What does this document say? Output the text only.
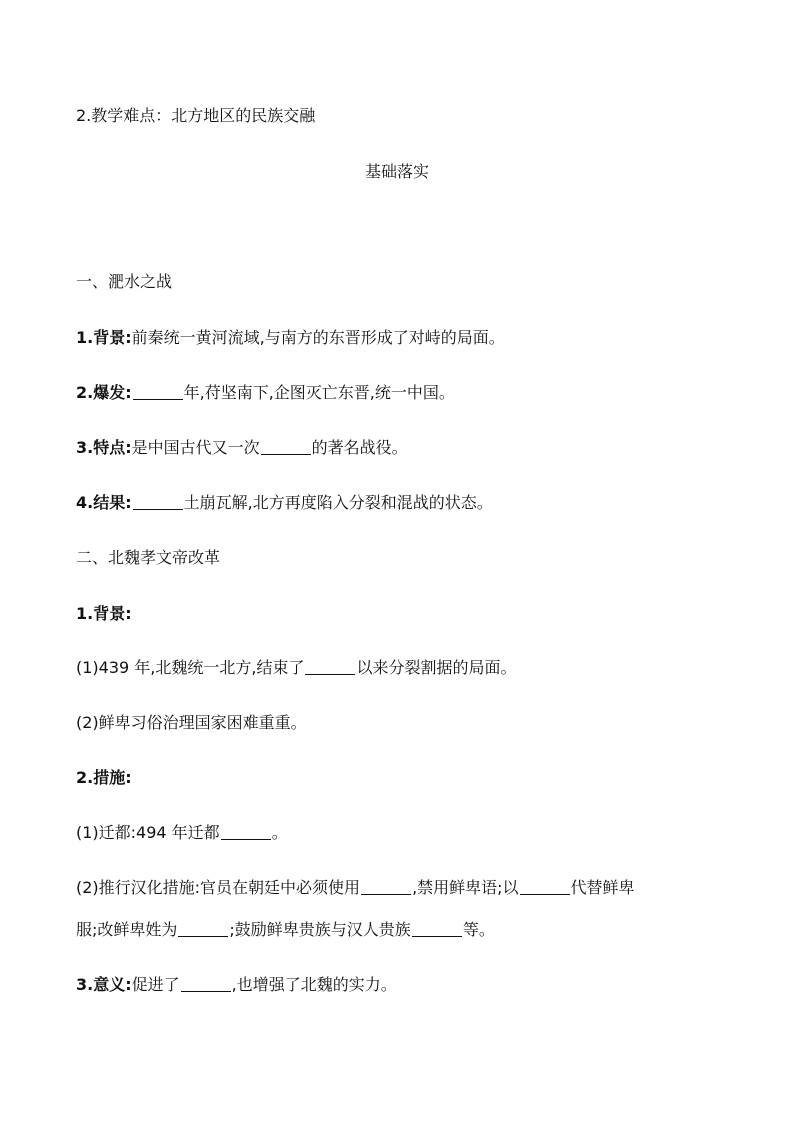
2.教学难点：北方地区的民族交融
基础落实
一、淝水之战
1.背景:前秦统一黄河流域,与南方的东晋形成了对峙的局面。
2.爆发:	年,苻坚南下,企图灭亡东晋,统一中国。
3.特点:是中国古代又一次	的著名战役。
4.结果:	土崩瓦解,北方再度陷入分裂和混战的状态。
二、北魏孝文帝改革
1.背景:
(1)439 年,北魏统一北方,结束了	以来分裂割据的局面。
(2)鲜卑习俗治理国家困难重重。
2.措施:
(1)迁都:494 年迁都	。
(2)推行汉化措施:官员在朝廷中必须使用	,禁用鲜卑语;以	代替鲜卑
服;改鲜卑姓为	;鼓励鲜卑贵族与汉人贵族	等。
3.意义:促进了	,也增强了北魏的实力。
